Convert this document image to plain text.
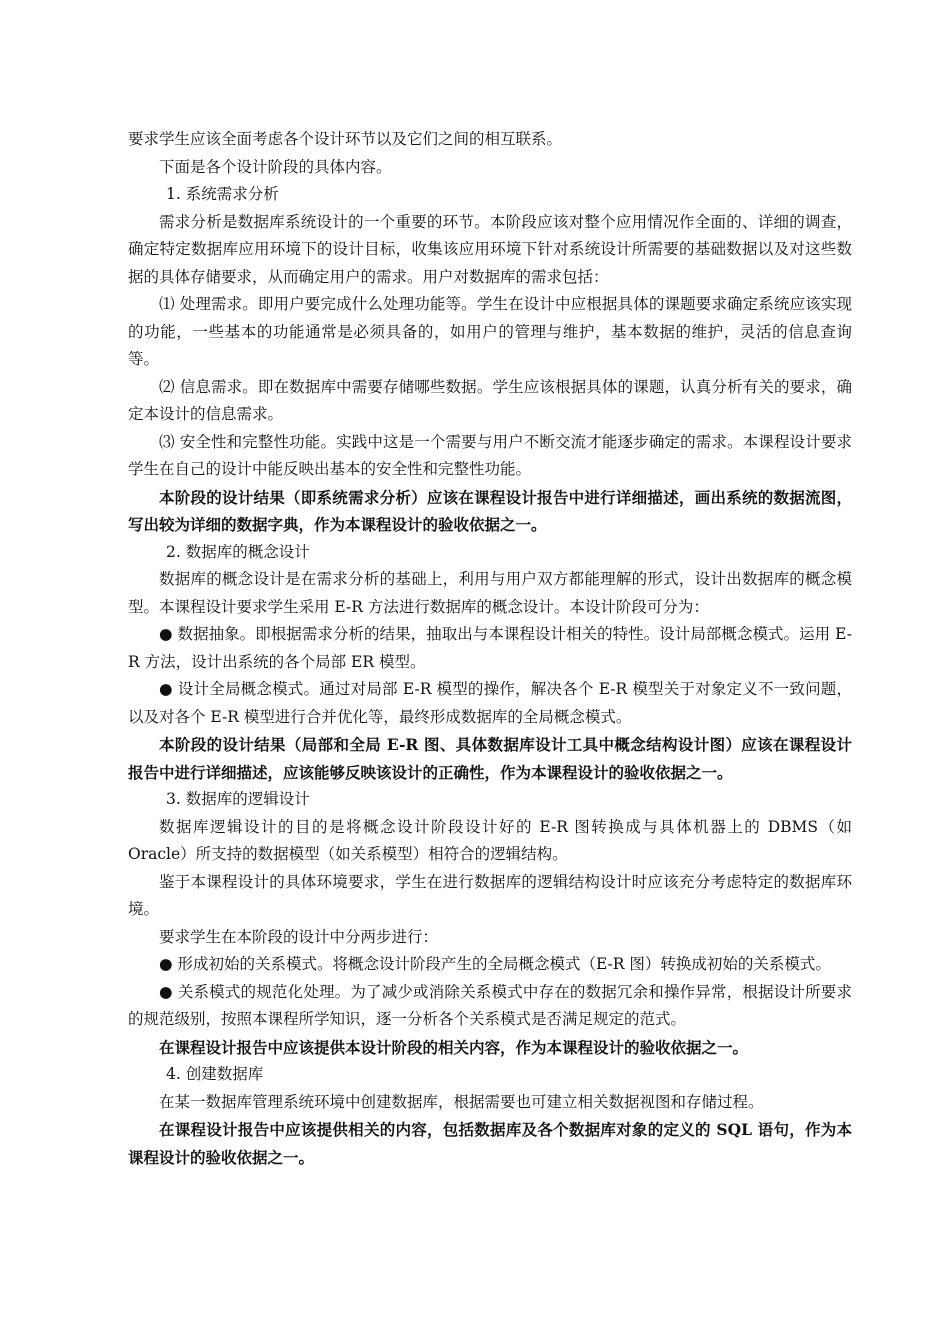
要求学生应该全面考虑各个设计环节以及它们之间的相互联系。

下面是各个设计阶段的具体内容。

1. 系统需求分析

需求分析是数据库系统设计的一个重要的环节。本阶段应该对整个应用情况作全面的、详细的调查，确定特定数据库应用环境下的设计目标，收集该应用环境下针对系统设计所需要的基础数据以及对这些数据的具体存储要求，从而确定用户的需求。用户对数据库的需求包括：

⑴ 处理需求。即用户要完成什么处理功能等。学生在设计中应根据具体的课题要求确定系统应该实现的功能，一些基本的功能通常是必须具备的，如用户的管理与维护，基本数据的维护，灵活的信息查询等。

⑵ 信息需求。即在数据库中需要存储哪些数据。学生应该根据具体的课题，认真分析有关的要求，确定本设计的信息需求。

⑶ 安全性和完整性功能。实践中这是一个需要与用户不断交流才能逐步确定的需求。本课程设计要求学生在自己的设计中能反映出基本的安全性和完整性功能。

本阶段的设计结果（即系统需求分析）应该在课程设计报告中进行详细描述，画出系统的数据流图，写出较为详细的数据字典，作为本课程设计的验收依据之一。

2. 数据库的概念设计

数据库的概念设计是在需求分析的基础上，利用与用户双方都能理解的形式，设计出数据库的概念模型。本课程设计要求学生采用 E-R 方法进行数据库的概念设计。本设计阶段可分为：

● 数据抽象。即根据需求分析的结果，抽取出与本课程设计相关的特性。设计局部概念模式。运用 E-R 方法，设计出系统的各个局部 ER 模型。

● 设计全局概念模式。通过对局部 E-R 模型的操作，解决各个 E-R 模型关于对象定义不一致问题，以及对各个 E-R 模型进行合并优化等，最终形成数据库的全局概念模式。

本阶段的设计结果（局部和全局 E-R 图、具体数据库设计工具中概念结构设计图）应该在课程设计报告中进行详细描述，应该能够反映该设计的正确性，作为本课程设计的验收依据之一。

3. 数据库的逻辑设计

数据库逻辑设计的目的是将概念设计阶段设计好的 E-R 图转换成与具体机器上的 DBMS（如 Oracle）所支持的数据模型（如关系模型）相符合的逻辑结构。

鉴于本课程设计的具体环境要求，学生在进行数据库的逻辑结构设计时应该充分考虑特定的数据库环境。

要求学生在本阶段的设计中分两步进行：

● 形成初始的关系模式。将概念设计阶段产生的全局概念模式（E-R 图）转换成初始的关系模式。

● 关系模式的规范化处理。为了减少或消除关系模式中存在的数据冗余和操作异常，根据设计所要求的规范级别，按照本课程所学知识，逐一分析各个关系模式是否满足规定的范式。

在课程设计报告中应该提供本设计阶段的相关内容，作为本课程设计的验收依据之一。

4. 创建数据库

在某一数据库管理系统环境中创建数据库，根据需要也可建立相关数据视图和存储过程。

在课程设计报告中应该提供相关的内容，包括数据库及各个数据库对象的定义的 SQL 语句，作为本课程设计的验收依据之一。
